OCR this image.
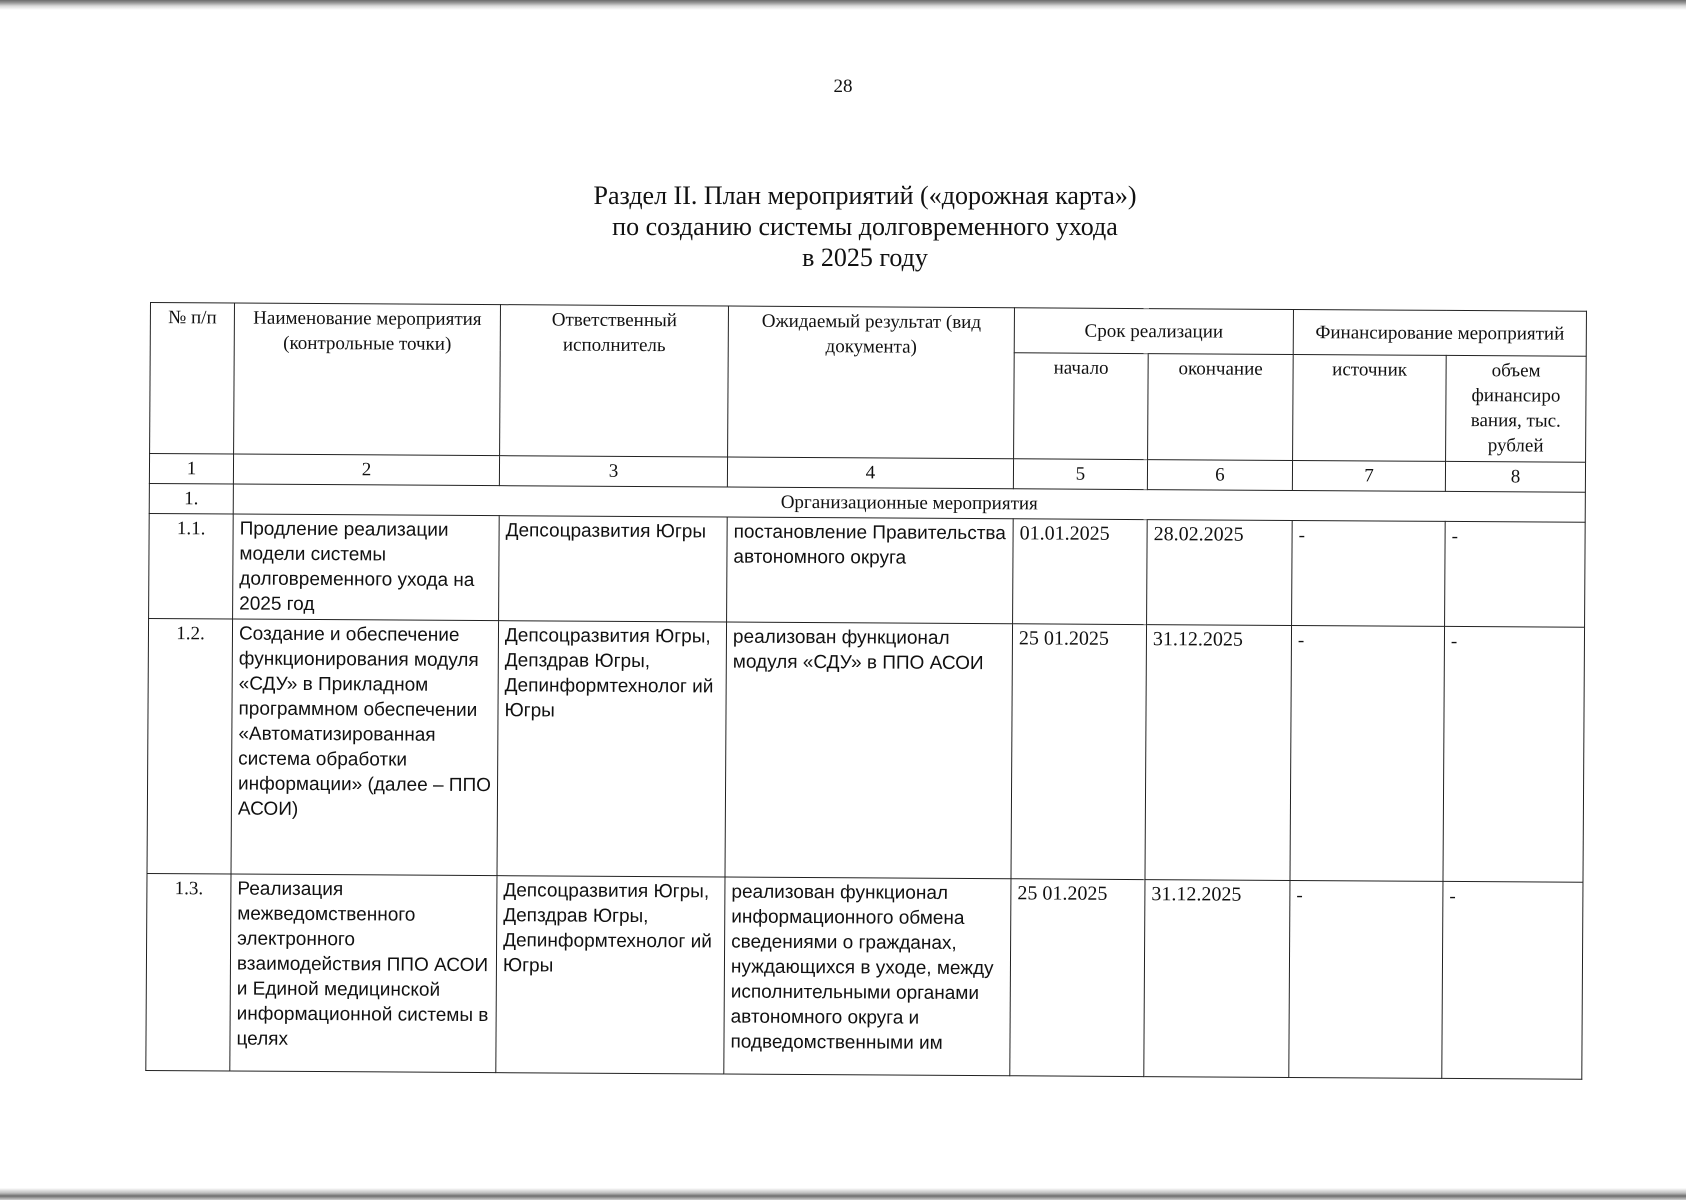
28
Раздел II. План мероприятий («дорожная карта»)
по созданию системы долговременного ухода
в 2025 году
№ п/п	Наименование мероприятия (контрольные точки)	Ответственный исполнитель	Ожидаемый результат (вид документа)	Срок реализации		Финансирование мероприятий	
				начало	окончание	источник	объем финансиро вания, тыс. рублей
1	2	3	4	5	6	7	8
1.	Организационные мероприятия						
1.1.	Продление реализации модели системы долговременного ухода на 2025 год	Депсоцразвития Югры	постановление Правительства автономного округа	01.01.2025	28.02.2025	-	-
1.2.	Создание и обеспечение функционирования модуля «СДУ» в Прикладном программном обеспечении «Автоматизированная система обработки информации» (далее – ППО АСОИ)	Депсоцразвития Югры, Депздрав Югры, Депинформтехнолог ий Югры	реализован функционал модуля «СДУ» в ППО АСОИ	25 01.2025	31.12.2025	-	-
1.3.	Реализация межведомственного электронного взаимодействия ППО АСОИ и Единой медицинской информационной системы в целях	Депсоцразвития Югры, Депздрав Югры, Депинформтехнолог ий Югры	реализован функционал информационного обмена сведениями о гражданах, нуждающихся в уходе, между исполнительными органами автономного округа и подведомственными им	25 01.2025	31.12.2025	-	-
